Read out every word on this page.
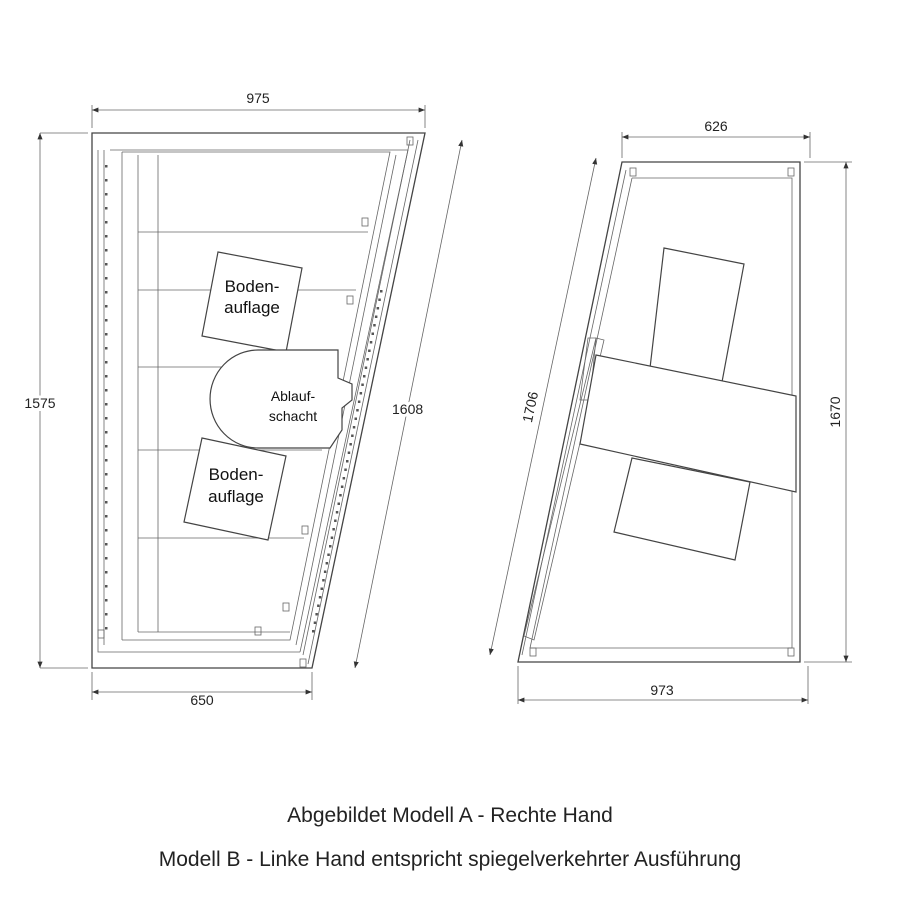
Boden-
auflage
Ablauf-
schacht
Boden-
auflage
975
650
1575	1608
626
973
1670
1706
Abgebildet Modell A - Rechte Hand
Modell B - Linke Hand entspricht spiegelverkehrter Ausführung
